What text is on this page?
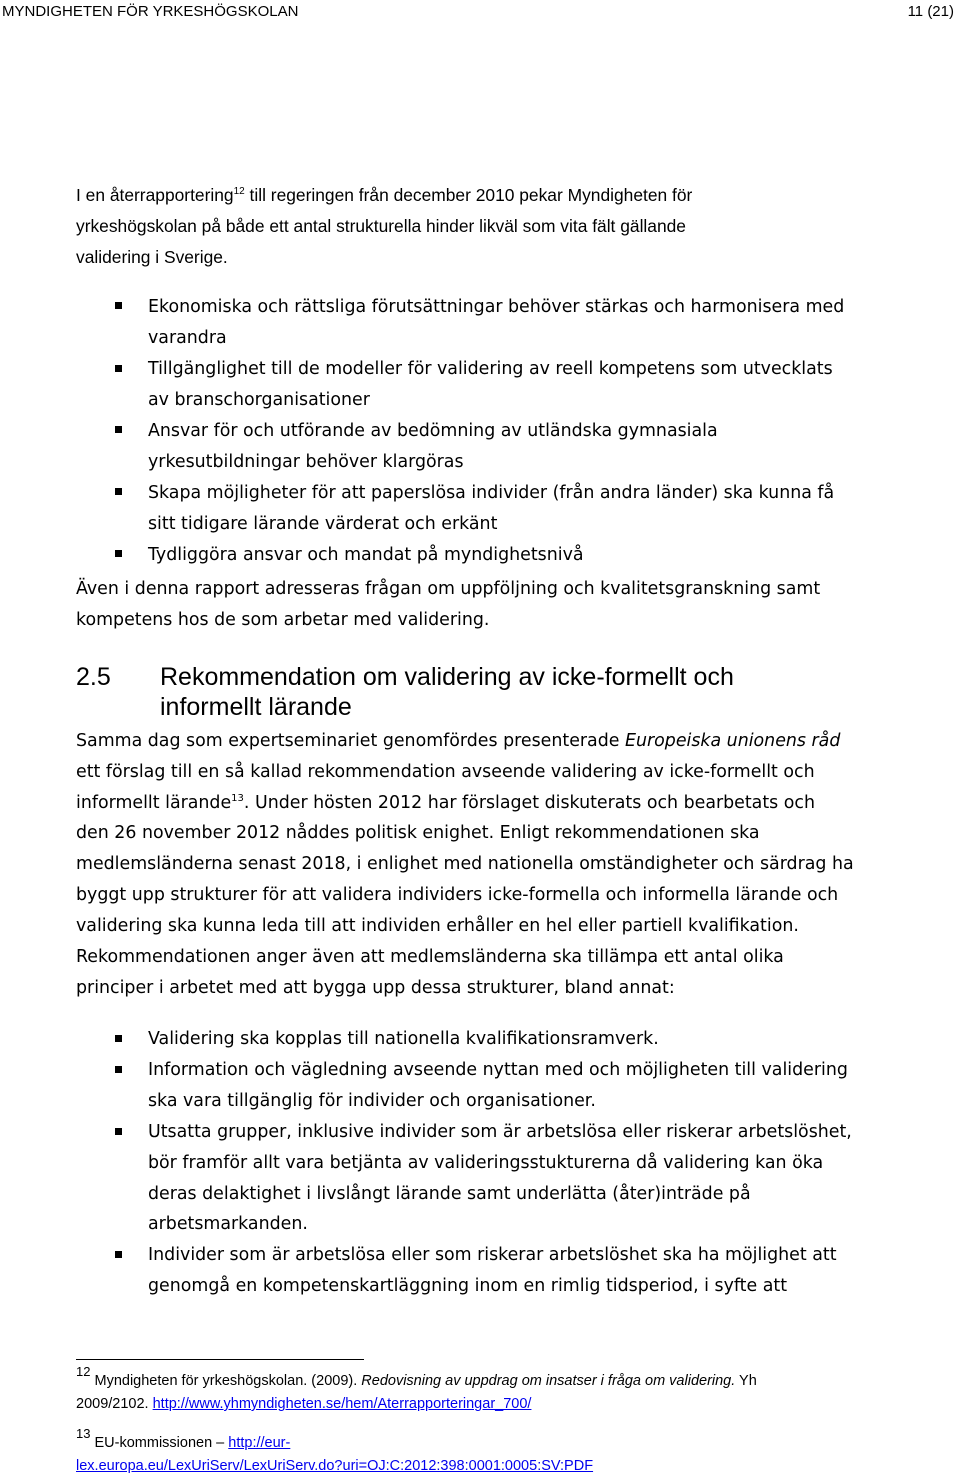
MYNDIGHETEN FÖR YRKESHÖGSKOLAN	11 (21)
I en återrapportering$^{12}$ till regeringen från december 2010 pekar Myndigheten för
yrkeshögskolan på både ett antal strukturella hinder likväl som vita fält gällande
validering i Sverige.
Ekonomiska och rättsliga förutsättningar behöver stärkas och harmonisera med
varandra
Tillgänglighet till de modeller för validering av reell kompetens som utvecklats
av branschorganisationer
Ansvar för och utförande av bedömning av utländska gymnasiala
yrkesutbildningar behöver klargöras
Skapa möjligheter för att paperslösa individer (från andra länder) ska kunna få
sitt tidigare lärande värderat och erkänt
Tydliggöra ansvar och mandat på myndighetsnivå
Även i denna rapport adresseras frågan om uppföljning och kvalitetsgranskning samt
kompetens hos de som arbetar med validering.
2.5 Rekommendation om validering av icke-formellt och
informellt lärande
Samma dag som expertseminariet genomfördes presenterade Europeiska unionens råd
ett förslag till en så kallad rekommendation avseende validering av icke-formellt och
informellt lärande$^{13}$. Under hösten 2012 har förslaget diskuterats och bearbetats och
den 26 november 2012 nåddes politisk enighet. Enligt rekommendationen ska
medlemsländerna senast 2018, i enlighet med nationella omständigheter och särdrag ha
byggt upp strukturer för att validera individers icke-formella och informella lärande och
validering ska kunna leda till att individen erhåller en hel eller partiell kvalifikation.
Rekommendationen anger även att medlemsländerna ska tillämpa ett antal olika
principer i arbetet med att bygga upp dessa strukturer, bland annat:
Validering ska kopplas till nationella kvalifikationsramverk.
Information och vägledning avseende nyttan med och möjligheten till validering
ska vara tillgänglig för individer och organisationer.
Utsatta grupper, inklusive individer som är arbetslösa eller riskerar arbetslöshet,
bör framför allt vara betjänta av valideringsstukturerna då validering kan öka
deras delaktighet i livslångt lärande samt underlätta (åter)inträde på
arbetsmarkanden.
Individer som är arbetslösa eller som riskerar arbetslöshet ska ha möjlighet att
genomgå en kompetenskartläggning inom en rimlig tidsperiod, i syfte att
12 Myndigheten för yrkeshögskolan. (2009). Redovisning av uppdrag om insatser i fråga om validering. Yh
2009/2102. http://www.yhmyndigheten.se/hem/Aterrapporteringar_700/
13 EU-kommissionen – http://eur-
lex.europa.eu/LexUriServ/LexUriServ.do?uri=OJ:C:2012:398:0001:0005:SV:PDF
